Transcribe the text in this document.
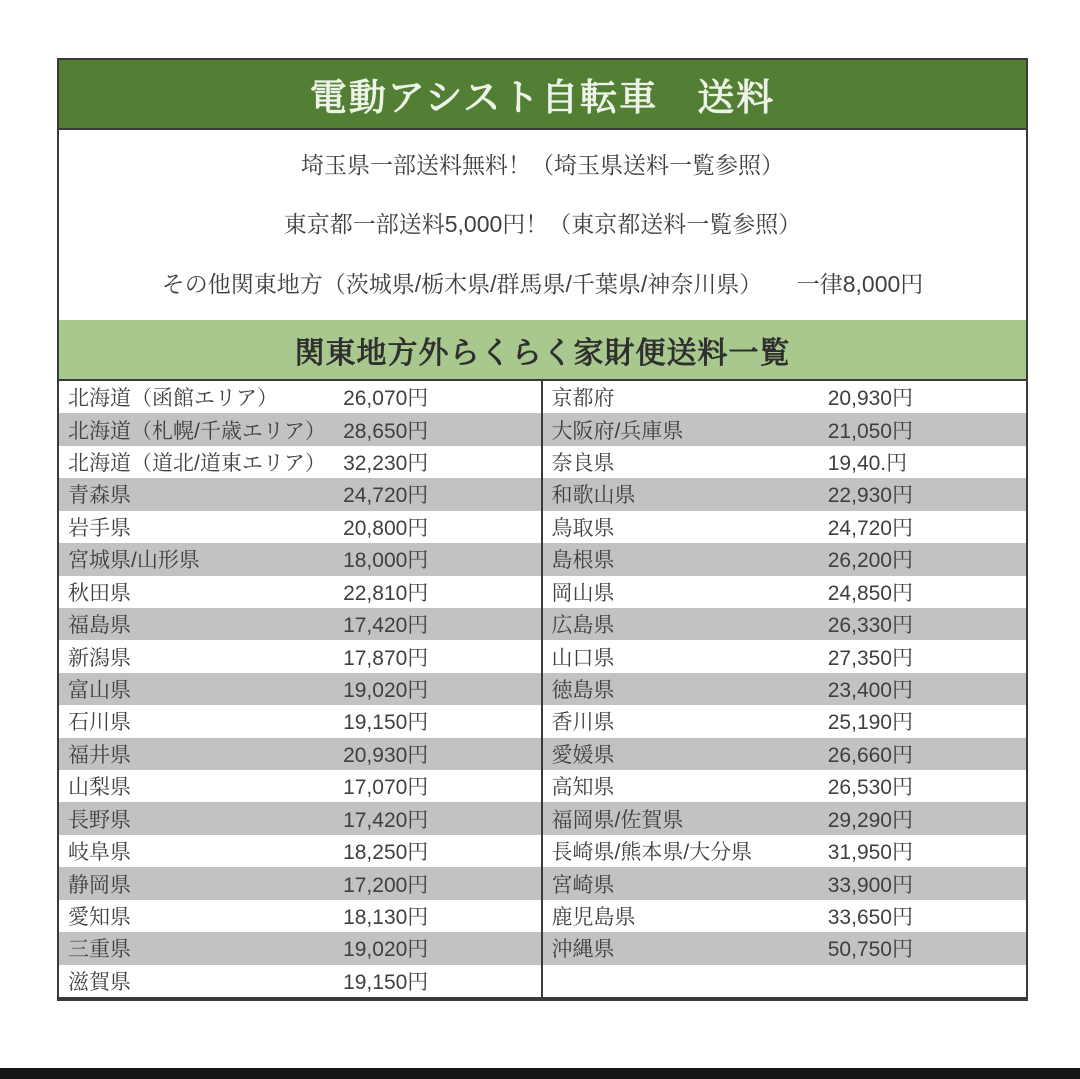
電動アシスト自転車　送料

埼玉県一部送料無料！（埼玉県送料一覧参照）

東京都一部送料5,000円！（東京都送料一覧参照）

その他関東地方（茨城県/栃木県/群馬県/千葉県/神奈川県）　　一律8,000円

関東地方外らくらく家財便送料一覧
北海道（函館エリア）	26,070円
北海道（札幌/千歳エリア） 28,650円
北海道（道北/道東エリア） 32,230円
青森県	24,720円
岩手県	20,800円
宮城県/山形県	18,000円
秋田県	22,810円
福島県	17,420円
新潟県	17,870円
富山県	19,020円
石川県	19,150円
福井県	20,930円
山梨県	17,070円
長野県	17,420円
岐阜県	18,250円
静岡県	17,200円
愛知県	18,130円
三重県	19,020円
滋賀県	19,150円
京都府	20,930円
大阪府/兵庫県	21,050円
奈良県	19,40.円
和歌山県	22,930円
鳥取県	24,720円
島根県	26,200円
岡山県	24,850円
広島県	26,330円
山口県	27,350円
徳島県	23,400円
香川県	25,190円
愛媛県	26,660円
高知県	26,530円
福岡県/佐賀県	29,290円
長崎県/熊本県/大分県	31,950円
宮崎県	33,900円
鹿児島県	33,650円
沖縄県	50,750円
